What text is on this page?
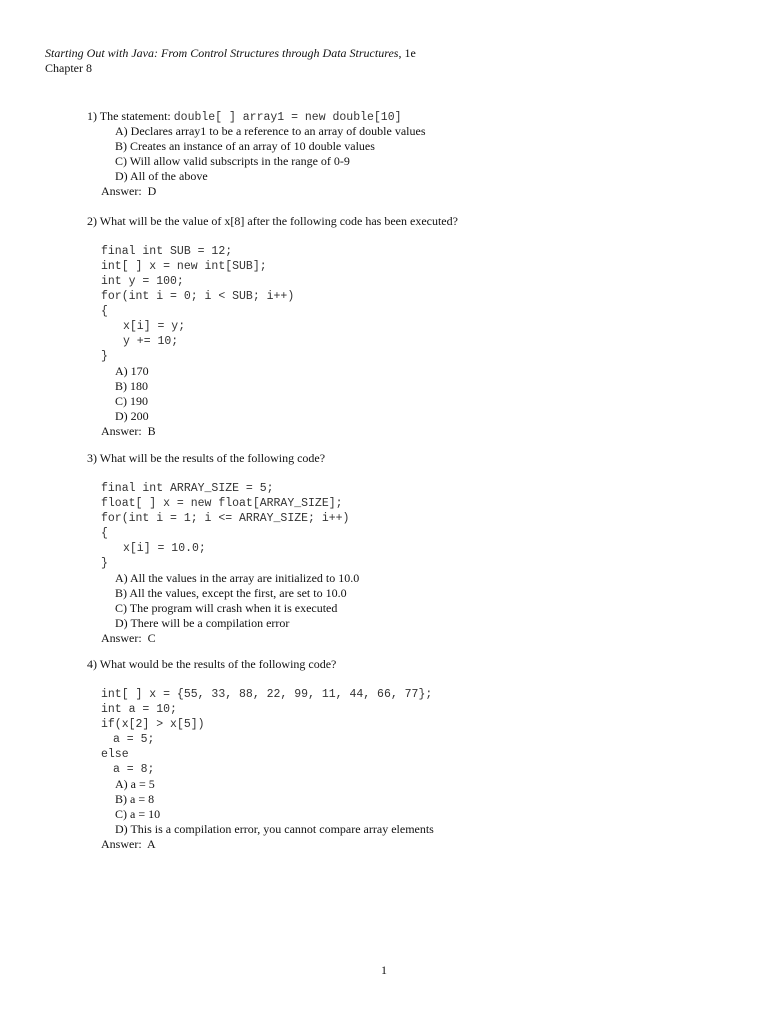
Starting Out with Java: From Control Structures through Data Structures, 1e
Chapter 8
1) The statement: double[ ] array1 = new double[10]
A) Declares array1 to be a reference to an array of double values
B) Creates an instance of an array of 10 double values
C) Will allow valid subscripts in the range of 0-9
D) All of the above
Answer:  D
2) What will be the value of x[8] after the following code has been executed?
final int SUB = 12;
int[ ] x = new int[SUB];
int y = 100;
for(int i = 0; i < SUB; i++)
{
x[i] = y;
y += 10;
}
A) 170
B) 180
C) 190
D) 200
Answer:  B
3) What will be the results of the following code?
final int ARRAY_SIZE = 5;
float[ ] x = new float[ARRAY_SIZE];
for(int i = 1; i <= ARRAY_SIZE; i++)
{
x[i] = 10.0;
}
A) All the values in the array are initialized to 10.0
B) All the values, except the first, are set to 10.0
C) The program will crash when it is executed
D) There will be a compilation error
Answer:  C
4) What would be the results of the following code?
int[ ] x = {55, 33, 88, 22, 99, 11, 44, 66, 77};
int a = 10;
if(x[2] > x[5])
a = 5;
else
a = 8;
A) a = 5
B) a = 8
C) a = 10
D) This is a compilation error, you cannot compare array elements
Answer:  A
1
